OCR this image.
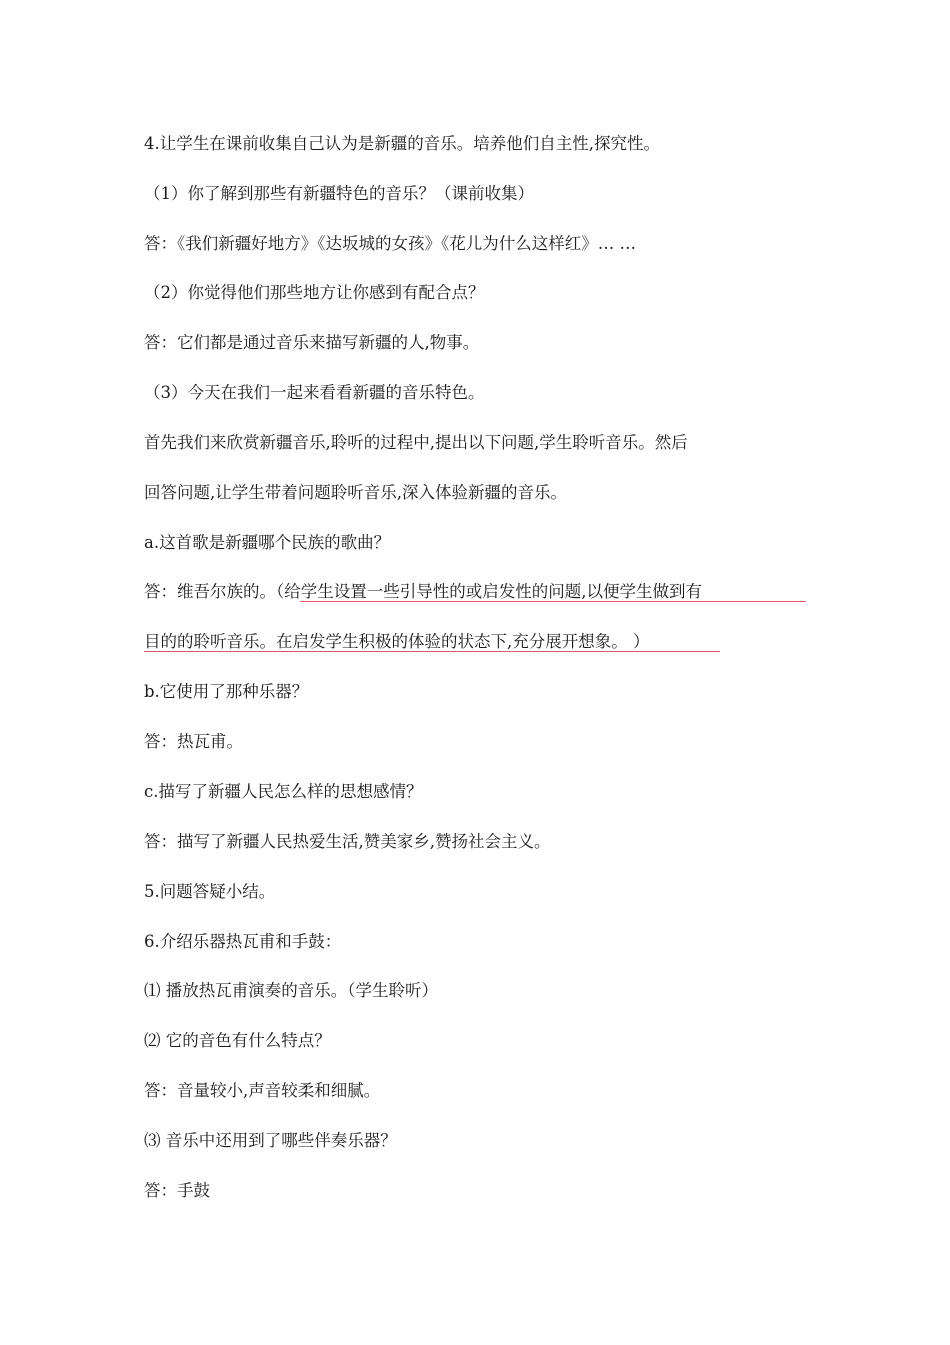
4.让学生在课前收集自己认为是新疆的音乐。培养他们自主性,探究性。
（1）你了解到那些有新疆特色的音乐？（课前收集）
答：《我们新疆好地方》《达坂城的女孩》《花儿为什么这样红》… …
（2）你觉得他们那些地方让你感到有配合点？
答：它们都是通过音乐来描写新疆的人,物事。
（3）今天在我们一起来看看新疆的音乐特色。
首先我们来欣赏新疆音乐,聆听的过程中,提出以下问题,学生聆听音乐。然后
回答问题,让学生带着问题聆听音乐,深入体验新疆的音乐。
a.这首歌是新疆哪个民族的歌曲？
答：维吾尔族的。（给学生设置一些引导性的或启发性的问题,以便学生做到有
目的的聆听音乐。在启发学生积极的体验的状态下,充分展开想象。 ）
b.它使用了那种乐器？
答：热瓦甫。
c.描写了新疆人民怎么样的思想感情？
答：描写了新疆人民热爱生活,赞美家乡,赞扬社会主义。
5.问题答疑小结。
6.介绍乐器热瓦甫和手鼓：
⑴ 播放热瓦甫演奏的音乐。（学生聆听）
⑵ 它的音色有什么特点？
答：音量较小,声音较柔和细腻。
⑶ 音乐中还用到了哪些伴奏乐器？
答：手鼓
